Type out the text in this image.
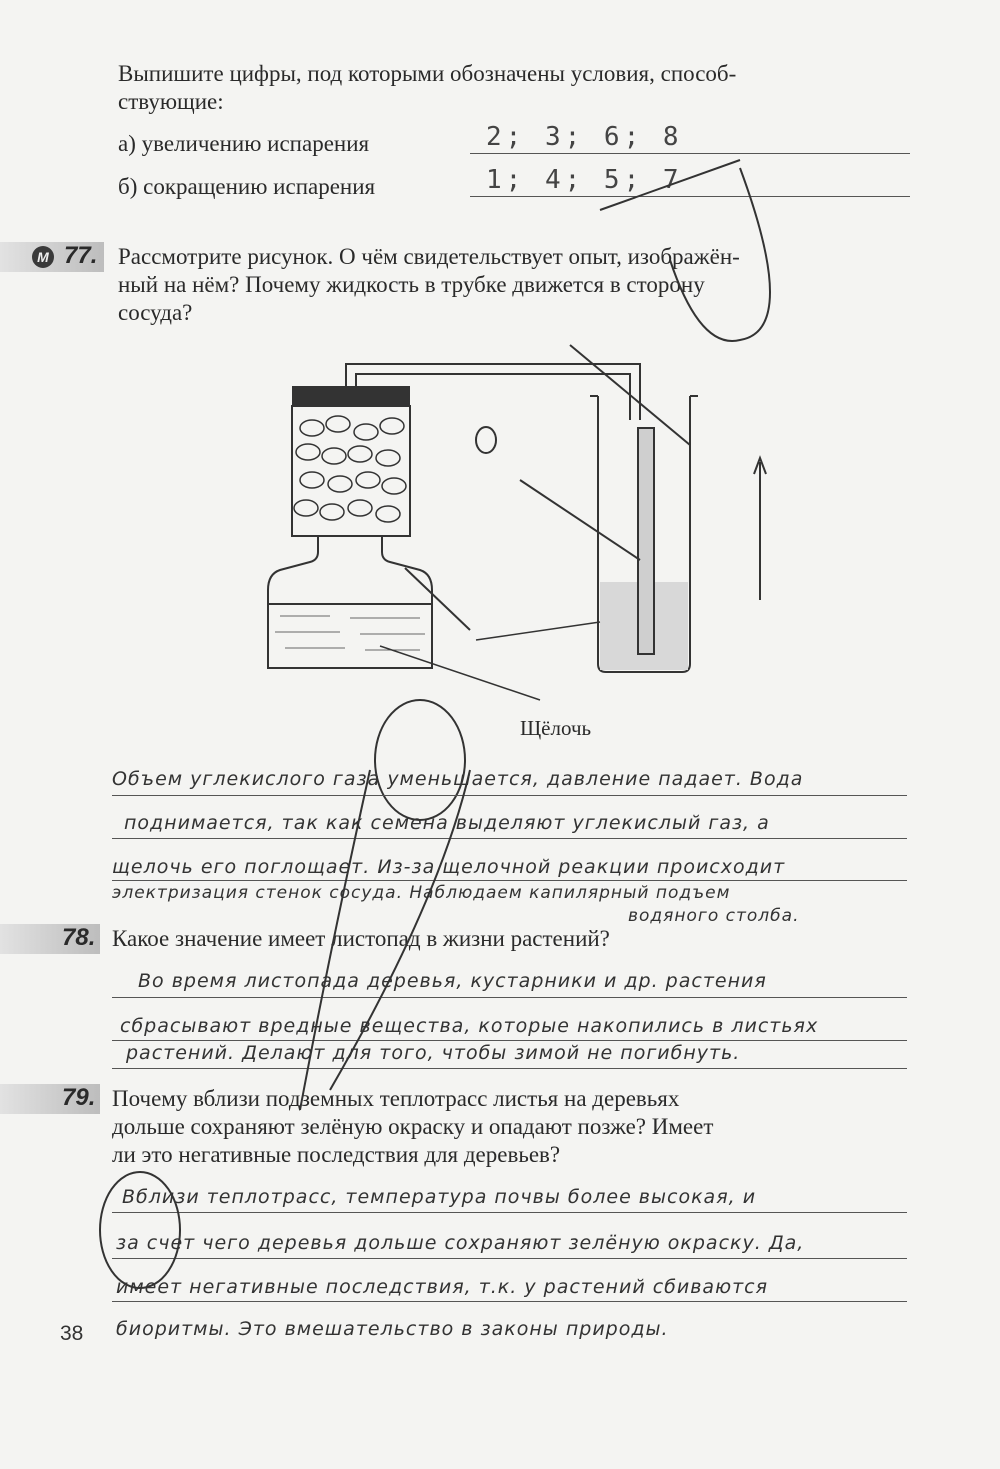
Выпишите цифры, под которыми обозначены условия, способ-
ствующие:
а) увеличению испарения	2; 3; 6; 8
б) сокращению испарения	1; 4; 5; 7
М 77. Рассмотрите рисунок. О чём свидетельствует опыт, изображён-
ный на нём? Почему жидкость в трубке движется в сторону
сосуда?
Щёлочь
Объем углекислого газа уменьшается, давление падает. Вода
поднимается, так как семена выделяют углекислый газ, а
щелочь его поглощает. Из-за щелочной реакции происходит
электризация стенок сосуда. Наблюдаем капилярный подъем
водяного столба.
78. Какое значение имеет листопад в жизни растений?
Во время листопада деревья, кустарники и др. растения
сбрасывают вредные вещества, которые накопились в листьях
растений. Делают для того, чтобы зимой не погибнуть.
79. Почему вблизи подземных теплотрасс листья на деревьях
дольше сохраняют зелёную окраску и опадают позже? Имеет
ли это негативные последствия для деревьев?
Вблизи теплотрасс, температура почвы более высокая, и
за счет чего деревья дольше сохраняют зелёную окраску. Да,
имеет негативные последствия, т.к. у растений сбиваются
биоритмы. Это вмешательство в законы природы.
38
